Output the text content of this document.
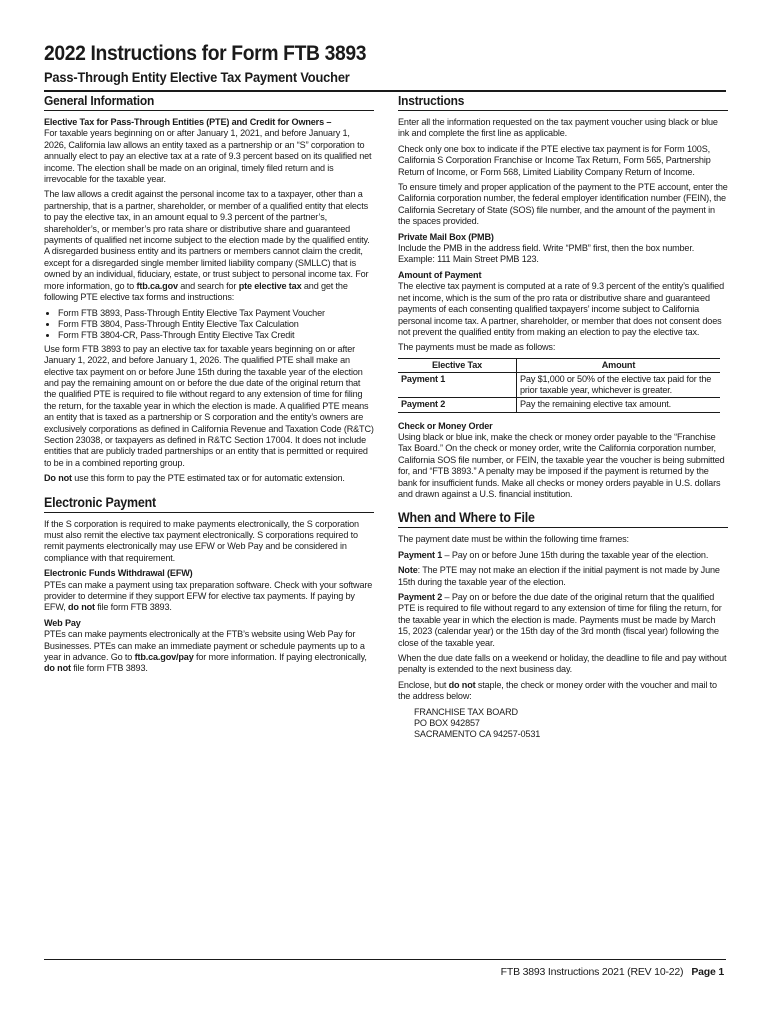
2022 Instructions for Form FTB 3893
Pass-Through Entity Elective Tax Payment Voucher
General Information
Elective Tax for Pass-Through Entities (PTE) and Credit for Owners –

For taxable years beginning on or after January 1, 2021, and before January 1, 2026, California law allows an entity taxed as a partnership or an “S” corporation to annually elect to pay an elective tax at a rate of 9.3 percent based on its qualified net income. The election shall be made on an original, timely filed return and is irrevocable for the taxable year.

The law allows a credit against the personal income tax to a taxpayer, other than a partnership, that is a partner, shareholder, or member of a qualified entity that elects to pay the elective tax, in an amount equal to 9.3 percent of the partner’s, shareholder’s, or member’s pro rata share or distributive share and guaranteed payments of qualified net income subject to the election made by the qualified entity. A disregarded business entity and its partners or members cannot claim the credit, except for a disregarded single member limited liability company (SMLLC) that is owned by an individual, fiduciary, estate, or trust subject to personal income tax. For more information, go to ftb.ca.gov and search for pte elective tax and get the following PTE elective tax forms and instructions:

• Form FTB 3893, Pass-Through Entity Elective Tax Payment Voucher
• Form FTB 3804, Pass-Through Entity Elective Tax Calculation
• Form FTB 3804-CR, Pass-Through Entity Elective Tax Credit

Use form FTB 3893 to pay an elective tax for taxable years beginning on or after January 1, 2022, and before January 1, 2026. The qualified PTE shall make an elective tax payment on or before June 15th during the taxable year of the election and pay the remaining amount on or before the due date of the original return that the qualified PTE is required to file without regard to any extension of time for filing the return, for the taxable year in which the election is made. A qualified PTE means an entity that is taxed as a partnership or S corporation and the entity’s owners are exclusively corporations as defined in California Revenue and Taxation Code (R&TC) Section 23038, or taxpayers as defined in R&TC Section 17004. It does not include entities that are publicly traded partnerships or an entity that is permitted or required to be in a combined reporting group.

Do not use this form to pay the PTE estimated tax or for automatic extension.

Electronic Payment

If the S corporation is required to make payments electronically, the S corporation must also remit the elective tax payment electronically. S corporations required to remit payments electronically may use EFW or Web Pay and be considered in compliance with that requirement.

Electronic Funds Withdrawal (EFW)

PTEs can make a payment using tax preparation software. Check with your software provider to determine if they support EFW for elective tax payments. If paying by EFW, do not file form FTB 3893.

Web Pay

PTEs can make payments electronically at the FTB’s website using Web Pay for Businesses. PTEs can make an immediate payment or schedule payments up to a year in advance. Go to ftb.ca.gov/pay for more information. If paying electronically, do not file form FTB 3893.

Instructions

Enter all the information requested on the tax payment voucher using black or blue ink and complete the first line as applicable.

Check only one box to indicate if the PTE elective tax payment is for Form 100S, California S Corporation Franchise or Income Tax Return, Form 565, Partnership Return of Income, or Form 568, Limited Liability Company Return of Income.

To ensure timely and proper application of the payment to the PTE account, enter the California corporation number, the federal employer identification number (FEIN), the California Secretary of State (SOS) file number, and the amount of the payment in the spaces provided.

Private Mail Box (PMB)

Include the PMB in the address field. Write “PMB” first, then the box number. Example: 111 Main Street PMB 123.

Amount of Payment

The elective tax payment is computed at a rate of 9.3 percent of the entity’s qualified net income, which is the sum of the pro rata or distributive share and guaranteed payments of each consenting qualified taxpayers’ income subject to California personal income tax. A partner, shareholder, or member that does not consent does not prevent the qualified entity from making an election to pay the elective tax.

The payments must be made as follows:

Elective Tax	Amount
Payment 1	Pay $1,000 or 50% of the elective tax paid for the prior taxable year, whichever is greater.
Payment 2	Pay the remaining elective tax amount.
Check or Money Order

Using black or blue ink, make the check or money order payable to the “Franchise Tax Board.” On the check or money order, write the California corporation number, California SOS file number, or FEIN, the taxable year the voucher is being submitted for, and “FTB 3893.” A penalty may be imposed if the payment is returned by the bank for insufficient funds. Make all checks or money orders payable in U.S. dollars and drawn against a U.S. financial institution.

When and Where to File

The payment date must be within the following time frames:

Payment 1 – Pay on or before June 15th during the taxable year of the election.

Note: The PTE may not make an election if the initial payment is not made by June 15th during the taxable year of the election.

Payment 2 – Pay on or before the due date of the original return that the qualified PTE is required to file without regard to any extension of time for filing the return, for the taxable year in which the election is made. Payments must be made by March 15, 2023 (calendar year) or the 15th day of the 3rd month (fiscal year) following the close of the taxable year.

When the due date falls on a weekend or holiday, the deadline to file and pay without penalty is extended to the next business day.

Enclose, but do not staple, the check or money order with the voucher and mail to the address below:

FRANCHISE TAX BOARD
PO BOX 942857
SACRAMENTO CA 94257-0531
FTB 3893 Instructions 2021 (REV 10-22) Page 1
